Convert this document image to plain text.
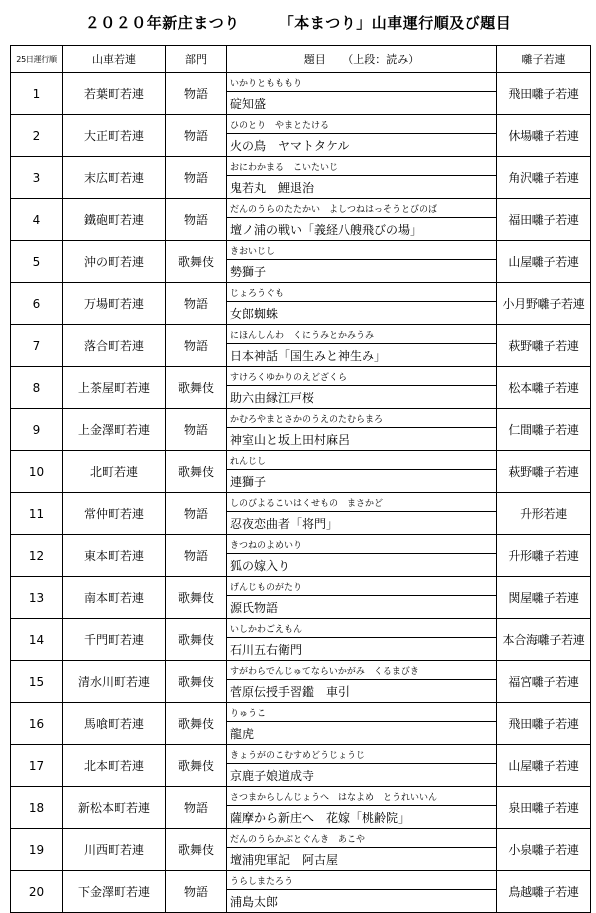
２０２０年新庄まつり　　　「本まつり」山車運行順及び題目
25日運行順	山車若連	部門	題目　　（上段：読み）	囃子若連
1	若葉町若連	物語	いかりともももり	飛田囃子若連
			碇知盛	
2	大正町若連	物語	ひのとり　やまとたける	休場囃子若連
			火の鳥　ヤマトタケル	
3	末広町若連	物語	おにわかまる　こいたいじ	角沢囃子若連
			鬼若丸　鯉退治	
4	鐵砲町若連	物語	だんのうらのたたかい　よしつねはっそうとびのば	福田囃子若連
			壇ノ浦の戦い「義経八艘飛びの場」	
5	沖の町若連	歌舞伎	きおいじし	山屋囃子若連
			勢獅子	
6	万場町若連	物語	じょろうぐも	小月野囃子若連
			女郎蜘蛛	
7	落合町若連	物語	にほんしんわ　くにうみとかみうみ	萩野囃子若連
			日本神話「国生みと神生み」	
8	上茶屋町若連	歌舞伎	すけろくゆかりのえどざくら	松本囃子若連
			助六由縁江戸桜	
9	上金澤町若連	物語	かむろやまとさかのうえのたむらまろ	仁間囃子若連
			神室山と坂上田村麻呂	
10	北町若連	歌舞伎	れんじし	萩野囃子若連
			連獅子	
11	常仲町若連	物語	しのびよるこいはくせもの　まさかど	升形若連
			忍夜恋曲者「将門」	
12	東本町若連	物語	きつねのよめいり	升形囃子若連
			狐の嫁入り	
13	南本町若連	歌舞伎	げんじものがたり	関屋囃子若連
			源氏物語	
14	千門町若連	歌舞伎	いしかわごえもん	本合海囃子若連
			石川五右衛門	
15	清水川町若連	歌舞伎	すがわらでんじゅてならいかがみ　くるまびき	福宮囃子若連
			菅原伝授手習鑑　車引	
16	馬喰町若連	歌舞伎	りゅうこ	飛田囃子若連
			龍虎	
17	北本町若連	歌舞伎	きょうがのこむすめどうじょうじ	山屋囃子若連
			京鹿子娘道成寺	
18	新松本町若連	物語	さつまからしんじょうへ　はなよめ　とうれいいん	泉田囃子若連
			薩摩から新庄へ　花嫁「桃齢院」	
19	川西町若連	歌舞伎	だんのうらかぶとぐんき　あこや	小泉囃子若連
			壇浦兜軍記　阿古屋	
20	下金澤町若連	物語	うらしまたろう	鳥越囃子若連
			浦島太郎	
